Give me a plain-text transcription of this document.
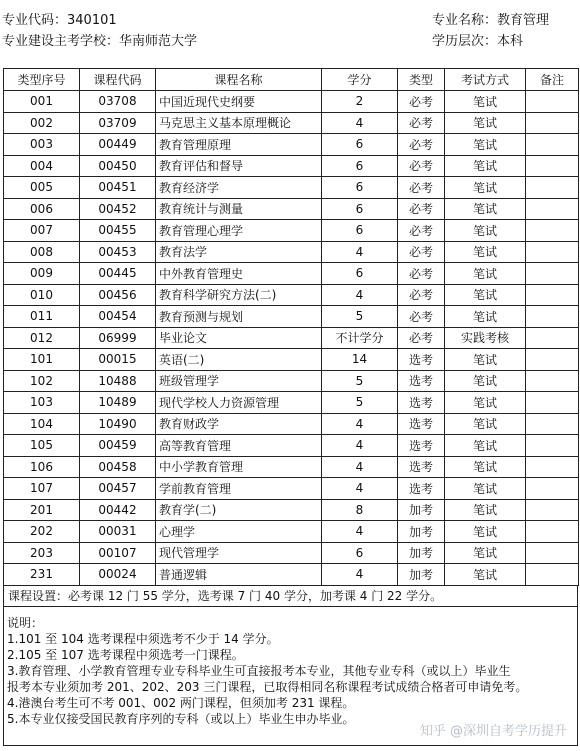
专业代码：340101
专业建设主考学校：华南师范大学
专业名称：教育管理
学历层次：本科
类型序号	课程代码	课程名称	学分	类型	考试方式	备注
001	03708	中国近现代史纲要	2	必考	笔试	
002	03709	马克思主义基本原理概论	4	必考	笔试	
003	00449	教育管理原理	6	必考	笔试	
004	00450	教育评估和督导	6	必考	笔试	
005	00451	教育经济学	6	必考	笔试	
006	00452	教育统计与测量	6	必考	笔试	
007	00455	教育管理心理学	6	必考	笔试	
008	00453	教育法学	4	必考	笔试	
009	00445	中外教育管理史	6	必考	笔试	
010	00456	教育科学研究方法(二)	4	必考	笔试	
011	00454	教育预测与规划	5	必考	笔试	
012	06999	毕业论文	不计学分	必考	实践考核	
101	00015	英语(二)	14	选考	笔试	
102	10488	班级管理学	5	选考	笔试	
103	10489	现代学校人力资源管理	5	选考	笔试	
104	10490	教育财政学	4	选考	笔试	
105	00459	高等教育管理	4	选考	笔试	
106	00458	中小学教育管理	4	选考	笔试	
107	00457	学前教育管理	4	选考	笔试	
201	00442	教育学(二)	8	加考	笔试	
202	00031	心理学	4	加考	笔试	
203	00107	现代管理学	6	加考	笔试	
231	00024	普通逻辑	4	加考	笔试	
课程设置：必考课 12 门 55 学分，选考课 7 门 40 学分，加考课 4 门 22 学分。
说明：
1.101 至 104 选考课程中须选考不少于 14 学分。
2.105 至 107 选考课程中须选考一门课程。
3.教育管理、小学教育管理专业专科毕业生可直接报考本专业，其他专业专科（或以上）毕业生
报考本专业须加考 201、202、203 三门课程，已取得相同名称课程考试成绩合格者可申请免考。
4.港澳台考生可不考 001、002 两门课程，但须加考 231 课程。
5.本专业仅接受国民教育序列的专科（或以上）毕业生申办毕业。
知乎 @深圳自考学历提升
